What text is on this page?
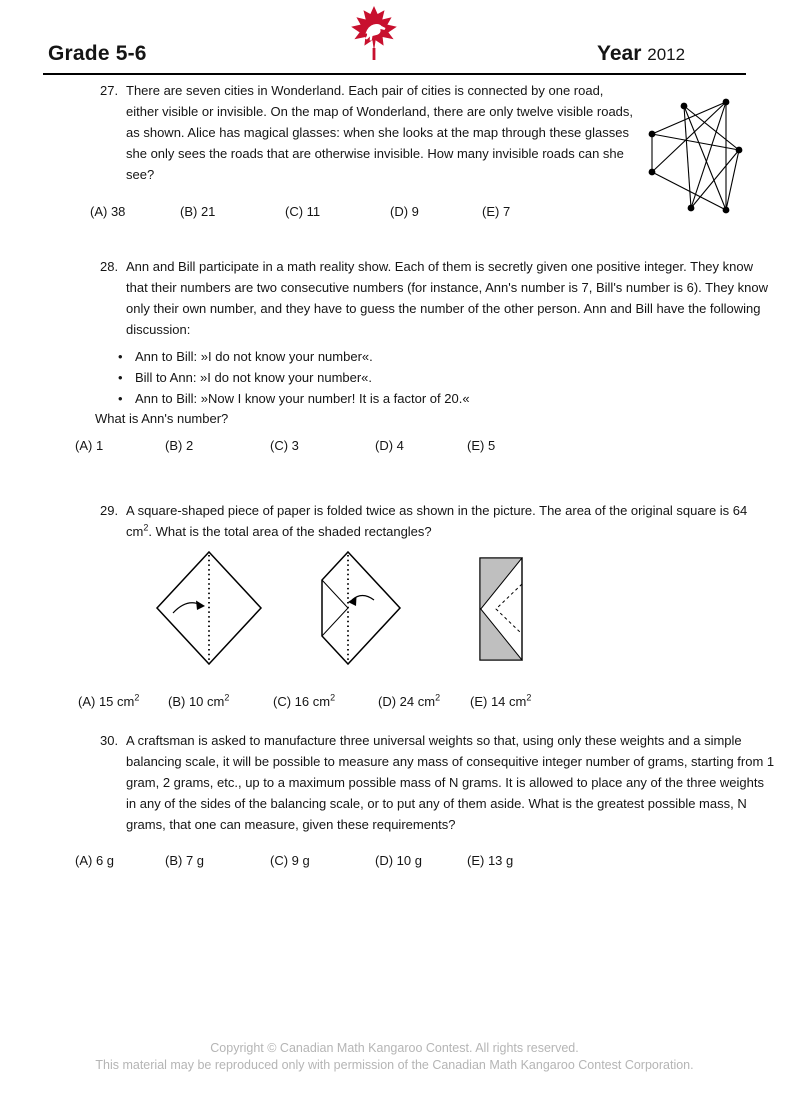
Grade 5-6	Year 2012
27. There are seven cities in Wonderland. Each pair of cities is connected by one road, either visible or invisible. On the map of Wonderland, there are only twelve visible roads, as shown. Alice has magical glasses: when she looks at the map through these glasses she only sees the roads that are otherwise invisible. How many invisible roads can she see?
(A) 38	(B) 21	(C) 11	(D) 9	(E) 7
28. Ann and Bill participate in a math reality show. Each of them is secretly given one positive integer. They know that their numbers are two consecutive numbers (for instance, Ann's number is 7, Bill's number is 6). They know only their own number, and they have to guess the number of the other person. Ann and Bill have the following discussion:
• Ann to Bill: »I do not know your number«.
• Bill to Ann: »I do not know your number«.
• Ann to Bill: »Now I know your number! It is a factor of 20.«
What is Ann's number?
(A) 1	(B) 2	(C) 3	(D) 4	(E) 5
29. A square-shaped piece of paper is folded twice as shown in the picture. The area of the original square is 64 $cm^2$. What is the total area of the shaded rectangles?
(A) 15 $cm^2$	(B) 10 $cm^2$	(C) 16 $cm^2$	(D) 24 $cm^2$	(E) 14 $cm^2$
30. A craftsman is asked to manufacture three universal weights so that, using only these weights and a simple balancing scale, it will be possible to measure any mass of consequitive integer number of grams, starting from 1 gram, 2 grams, etc., up to a maximum possible mass of N grams. It is allowed to place any of the three weights in any of the sides of the balancing scale, or to put any of them aside. What is the greatest possible mass, N grams, that one can measure, given these requirements?
(A) 6 g	(B) 7 g	(C) 9 g	(D) 10 g	(E) 13 g
Copyright © Canadian Math Kangaroo Contest. All rights reserved.
This material may be reproduced only with permission of the Canadian Math Kangaroo Contest Corporation.
